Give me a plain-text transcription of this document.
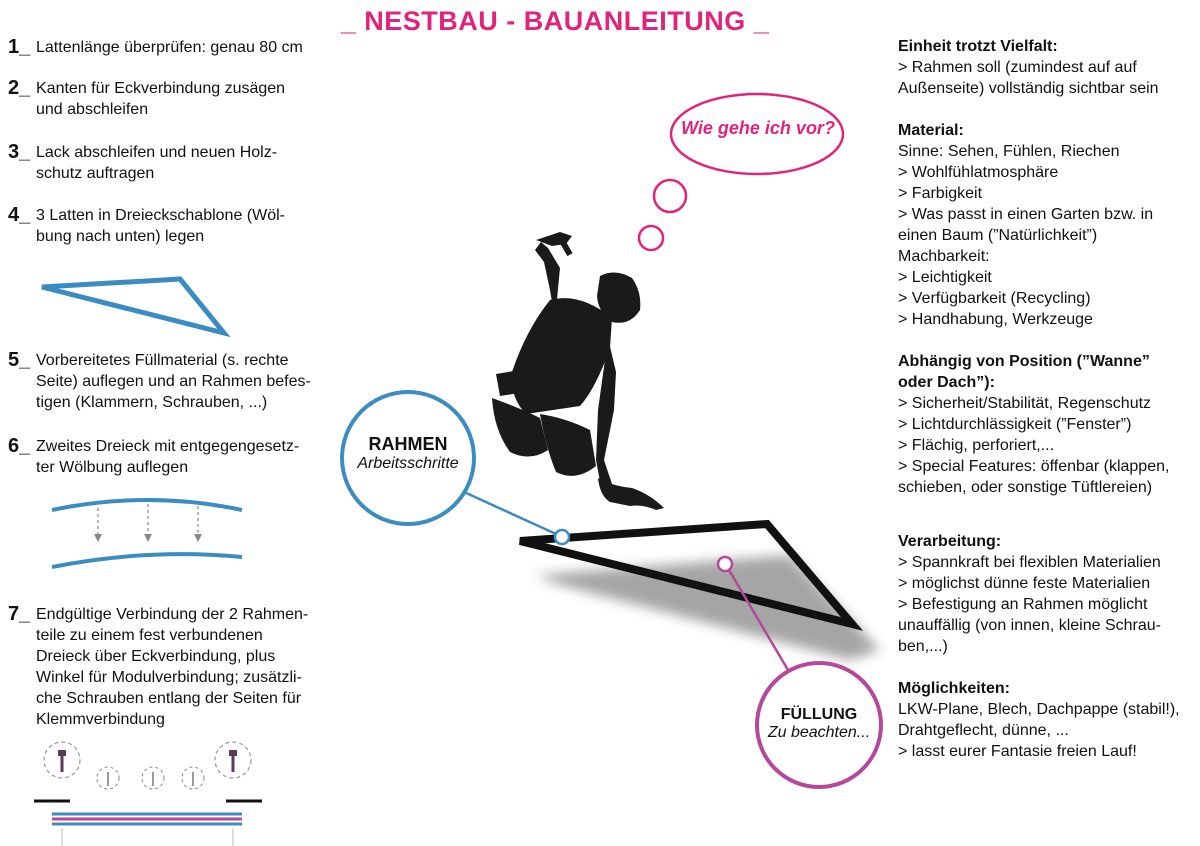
_ NESTBAU - BAUANLEITUNG _
1_ Lattenlänge überprüfen: genau 80 cm
2_ Kanten für Eckverbindung zusägen
und abschleifen
3_ Lack abschleifen und neuen Holz-
schutz auftragen
4_ 3 Latten in Dreieckschablone (Wöl-
bung nach unten) legen
5_ Vorbereitetes Füllmaterial (s. rechte
Seite) auflegen und an Rahmen befes-
tigen (Klammern, Schrauben, ...)
6_ Zweites Dreieck mit entgegengesetz-
ter Wölbung auflegen
7_ Endgültige Verbindung der 2 Rahmen-
teile zu einem fest verbundenen
Dreieck über Eckverbindung, plus
Winkel für Modulverbindung; zusätzli-
che Schrauben entlang der Seiten für
Klemmverbindung
Wie gehe ich vor?
RAHMEN
Arbeitsschritte
FÜLLUNG
Zu beachten...
Einheit trotzt Vielfalt:
> Rahmen soll (zumindest auf auf
Außenseite) vollständig sichtbar sein
Material:
Sinne: Sehen, Fühlen, Riechen
> Wohlfühlatmosphäre
> Farbigkeit
> Was passt in einen Garten bzw. in
einen Baum (”Natürlichkeit”)
Machbarkeit:
> Leichtigkeit
> Verfügbarkeit (Recycling)
> Handhabung, Werkzeuge
Abhängig von Position (”Wanne”
oder Dach”):
> Sicherheit/Stabilität, Regenschutz
> Lichtdurchlässigkeit (”Fenster”)
> Flächig, perforiert,...
> Special Features: öffenbar (klappen,
schieben, oder sonstige Tüftlereien)
Verarbeitung:
> Spannkraft bei flexiblen Materialien
> möglichst dünne feste Materialien
> Befestigung an Rahmen möglicht
unauffällig (von innen, kleine Schrau-
ben,...)
Möglichkeiten:
LKW-Plane, Blech, Dachpappe (stabil!),
Drahtgeflecht, dünne, ...
> lasst eurer Fantasie freien Lauf!
